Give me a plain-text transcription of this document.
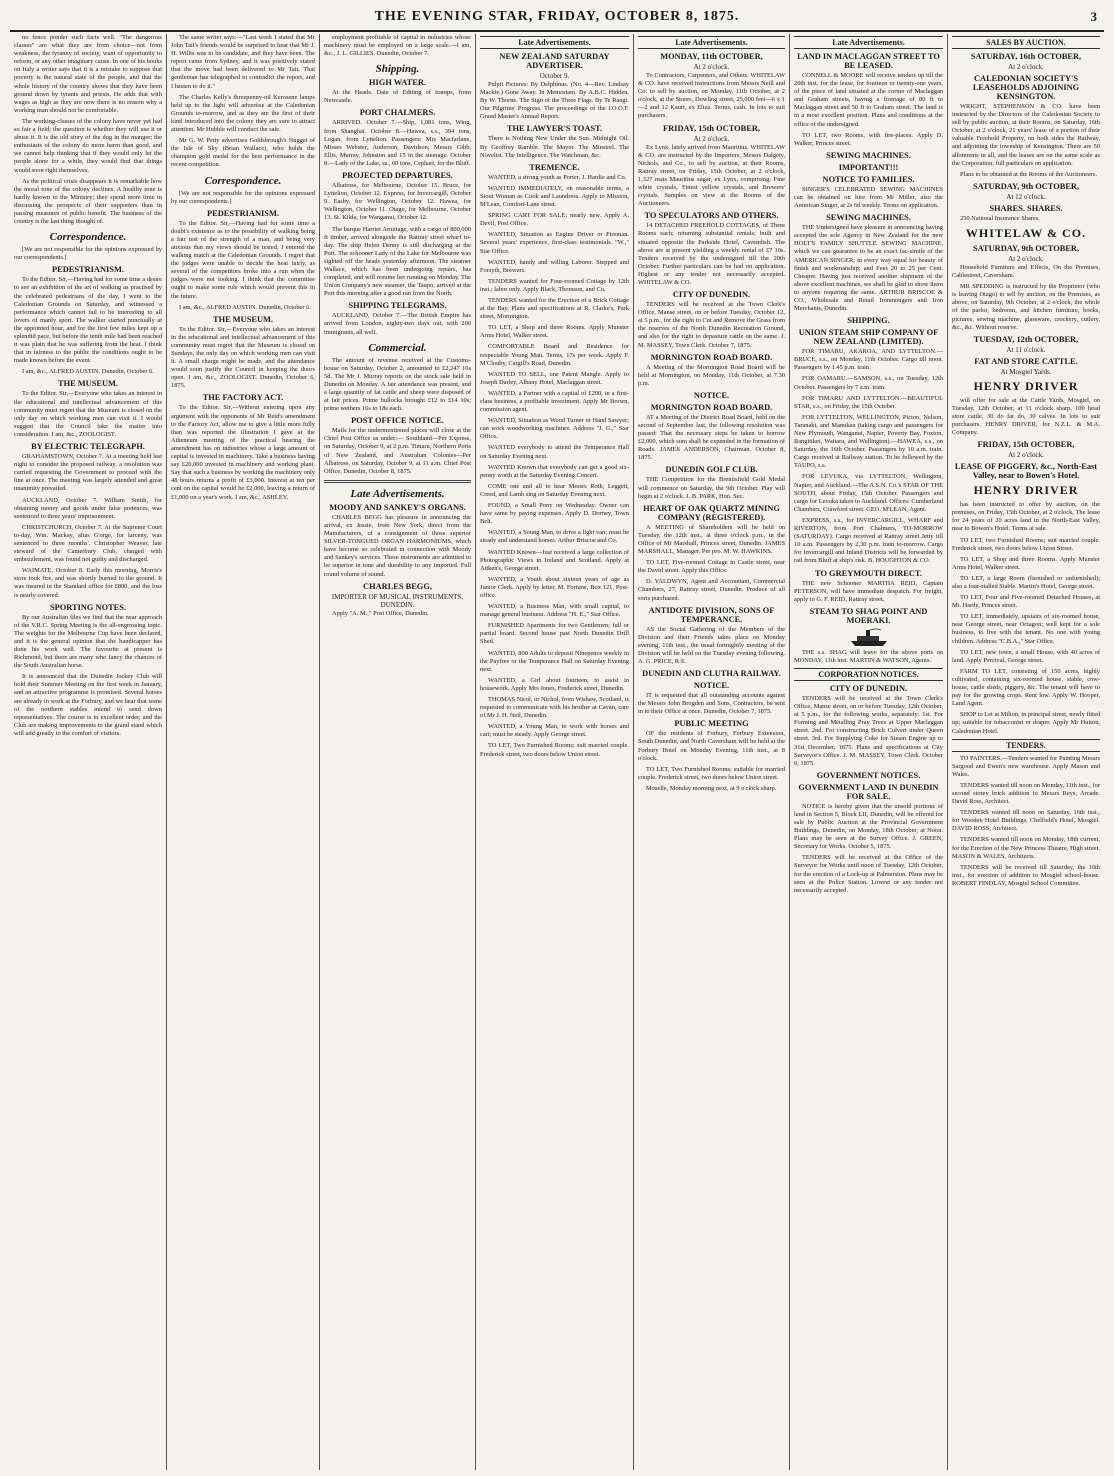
THE EVENING STAR, FRIDAY, OCTOBER 8, 1875.	3

no fence ponder such facts well. "The dangerous classes" are what they are from choice—not from weakness, the tyranny of society, want of opportunity to reform, or any other imaginary cause. In one of his books on Italy a writer says that it is a mistake to suppose that poverty is the natural state of the people, and that the whole history of the country shows that they have been ground down by tyrants and priests. He adds that with wages as high as they are now there is no reason why a working man should not be comfortable.

The working-classes of the colony have never yet had so fair a field; the question is whether they will use it or abuse it. It is the old story of the dog in the manger; the enthusiasts of the colony do more harm than good, and we cannot help thinking that if they would only let the people alone for a while, they would find that things would soon right themselves.

As the political crisis disappears it is remarkable how the moral tone of the colony declines. A healthy tone is hardly known to the Ministry; they spend more time in discussing the prospects of their supporters than in passing measures of public benefit. The business of the country is the last thing thought of.

Correspondence.

[We are not responsible for the opinions expressed by our correspondents.]

PEDESTRIANISM.

To the Editor. Sir,—Having had for some time a desire to see an exhibition of the art of walking as practised by the celebrated pedestrians of the day, I went to the Caledonian Grounds on Saturday, and witnessed a performance which cannot fail to be interesting to all lovers of manly sport. The walker started punctually at the appointed hour, and for the first few miles kept up a splendid pace, but before the tenth mile had been reached it was plain that he was suffering from the heat. I think that in fairness to the public the conditions ought to be made known before the event.

I am, &c., ALFRED AUSTIN. Dunedin, October 6.

THE MUSEUM.

To the Editor. Sir,—Everyone who takes an interest in the educational and intellectual advancement of this community must regret that the Museum is closed on the only day on which working men can visit it. I would suggest that the Council take the matter into consideration. I am, &c., ZOOLOGIST.

BY ELECTRIC TELEGRAPH.

GRAHAMSTOWN, October 7. At a meeting held last night to consider the proposed railway, a resolution was carried requesting the Government to proceed with the line at once. The meeting was largely attended and great unanimity prevailed.

AUCKLAND, October 7. William Smith, for obtaining money and goods under false pretences, was sentenced to three years' imprisonment.

CHRISTCHURCH, October 7. At the Supreme Court to-day, Wm. Mackay, alias G'orge, for larceny, was sentenced to three months'. Christopher Weaver, late steward of the Canterbury Club, charged with embezzlement, was found not guilty and discharged.

WAIMATE, October 8. Early this morning, Morris's store took fire, and was shortly burned to the ground. It was insured in the Standard office for £800, and the loss is nearly covered.

SPORTING NOTES.

By our Australian files we find that the near approach of the V.R.C. Spring Meeting is the all-engrossing topic. The weights for the Melbourne Cup have been declared, and it is the general opinion that the handicapper has done his work well. The favourite at present is Richmond, but there are many who fancy the chances of the South Australian horse.

It is announced that the Dunedin Jockey Club will hold their Summer Meeting on the first week in January, and an attractive programme is promised. Several horses are already in work at the Forbury, and we hear that some of the northern stables intend to send down representatives. The course is in excellent order, and the Club are making improvements to the grand stand which will add greatly to the comfort of visitors.

The same writer says:—"Last week I stated that Mr John Tait's friends would be surprised to hear that Mr J. H. Willis was to be candidate, and they have been. The report came from Sydney, and it was positively stated that the move had been delivered to Mr Tait. That gentleman has telegraphed to contradict the report, and I hasten to do it."

The Charles Kelly's threepenny-oil Kerosene lamps held up to the light will advertise at the Caledonian Grounds to-morrow, and as they are the first of their kind introduced into the colony they are sure to attract attention. Mr Hubble will conduct the sale.

Mr G. W. Petty advertises Goldsbrough's Nugget of the Isle of Sky (Brian Wallace), who holds the champion gold medal for the best performance in the recent competition.

Correspondence.

[We are not responsible for the opinions expressed by our correspondents.]

PEDESTRIANISM.

To the Editor. Sir,—Having had for some time a doubt's existence as to the possibility of walking being a fair test of the strength of a man, and being very anxious that my views should be tested, I entered the walking match at the Caledonian Grounds. I regret that the judges were unable to decide the heat fairly, as several of the competitors broke into a run when the judges were not looking. I think that the committee ought to make some rule which would prevent this in the future.

I am, &c., ALFRED AUSTIN. Dunedin, October 6.

THE MUSEUM.

To the Editor. Sir,—Everyone who takes an interest in the educational and intellectual advancement of this community must regret that the Museum is closed on Sundays, the only day on which working men can visit it. A small charge might be made, and the attendance would soon justify the Council in keeping the doors open. I am, &c., ZOOLOGIST. Dunedin, October 6, 1875.

THE FACTORY ACT.

To the Editor. Sir,—Without entering upon any argument with the opponents of Mr Reid's amendment to the Factory Act, allow me to give a little more fully than was reported the illustration I gave at the Atheneum meeting of the practical bearing the amendment has on industries whose a large amount of capital is invested in machinery. Take a business having say £20,000 invested in machinery and working plant. Say that such a business by working the machinery only 48 hours returns a profit of £3,000. Interest at ten per cent on the capital would be £2,000, leaving a return of £1,000 on a year's work. I am, &c., ASHLEY.

employment profitable of capital in industries whose machinery must be employed on a large scale.—I am, &c., J. L. GILLIES. Dunedin, October 7.

Shipping.
HIGH WATER.

At the Heads. Date of Editing of tramps, from Newcastle.

PORT CHALMERS.

ARRIVED. October 7.—Ship, 1,081 tons, Wing, from Shanghai. October 8.—Hawea, s.s., 394 tons, Logan, from Lyttelton. Passengers: Mrs Macfarlane, Misses Webster, Anderson, Davidson; Messrs Gibb, Ellis, Murray, Johnston and 15 in the steerage. October 8.—Lady of the Lake, ss., 60 tons, Cephart, for the Bluff.

PROJECTED DEPARTURES.

Albatross, for Melbourne, October 15. Bruce, for Lyttelton, October 12. Express, for Invercargill, October 9. Easby, for Wellington, October 12. Hawea, for Wellington, October 11. Otago, for Melbourne, October 13. St. Kilda, for Wanganui, October 12.

The barque Harriet Armitage, with a cargo of 800,000 ft timber, arrived alongside the Rattray street wharf to-day. The ship Helen Denny is still discharging at the Port. The schooner Lady of the Lake for Melbourne was sighted off the heads yesterday afternoon. The steamer Wallace, which has been undergoing repairs, has completed, and will resume her running on Monday. The Union Company's new steamer, the Taupo, arrived at the Port this morning after a good run from the North.

SHIPPING TELEGRAMS.

AUCKLAND, October 7.—The British Empire has arrived from London, eighty-two days out, with 200 immigrants, all well.

Commercial.

The amount of revenue received at the Customs-house on Saturday, October 2, amounted to £2,247 16s 5d. The Mr J. Murray reports on the stock sale held in Dunedin on Monday. A fair attendance was present, and a large quantity of fat cattle and sheep were disposed of at fair prices. Prime bullocks brought £12 to £14 10s; prime wethers 16s to 18s each.

POST OFFICE NOTICE.

Mails for the undermentioned places will close at the Chief Post Office as under:— Southland—Per Express, on Saturday, October 9, at 2 p.m. Timaru, Northern Ports of New Zealand, and Australian Colonies—Per Albatross, on Saturday, October 9, at 11 a.m. Chief Post Office, Dunedin, October 8, 1875.

Late Advertisements.
MOODY AND SANKEY'S ORGANS.

CHARLES BEGG has pleasure in announcing the arrival, ex Jessie, from New York, direct from the Manufacturers, of a consignment of those superior SILVER-TONGUED ORGAN HARMONIUMS, which have become so celebrated in connection with Moody and Sankey's services. These instruments are admitted to be superior in tone and durability to any imported. Full round volume of sound.

CHARLES BEGG,
IMPORTER OF MUSICAL INSTRUMENTS, DUNEDIN.

Apply "A. M.," Post Office, Dunedin.

Late Advertisements.
NEW ZEALAND SATURDAY ADVERTISER.
October 9.

Pulpit Pictures: By Delphinus. (No. 4—Rev. Lindsay Mackie.) Gone Away. In Memoriam. By A.B.C. Hidden. By W. Thorne. The Sign of the Three Flags. By Te Rangi. Our Pilgrims' Progress. The proceedings of the I.O.O.F. Grand Master's Annual Report.

THE LAWYER'S TOAST.

There is Nothing New Under the Sun. Midnight Oil. By Geoffrey Ramble. The Mayor. The Minstrel. The Novelist. The Intelligence. The Watchman, &c.

TREMENCE.

WANTED, a strong youth as Porter. J. Hardie and Co.

WANTED IMMEDIATELY, on reasonable terms, a Stout Woman as Cook and Laundress. Apply to Mission, M'Lean, Comfort-Lane street.

SPRING CART FOR SALE; nearly new. Apply A. Devil, Post Office.

WANTED, Situation as Engine Driver or Fireman. Several years' experience, first-class testimonials. "W.," Star Office.

WANTED, handy and willing Laborer. Stepped and Forsyth, Brewers.

TENDERS wanted for Four-roomed Cottage by 12th inst.; labor only. Apply Black, Thomson, and Co.

TENDERS wanted for the Erection of a Brick Cottage at the Bay. Plans and specifications at R. Clarke's, Park street, Mornington.

TO LET, a Shop and three Rooms. Apply Munster Arms Hotel, Walker street.

COMFORTABLE Board and Residence for respectable Young Man. Terms, 17s per week. Apply F. M'Clouby, Cargill's Road, Dunedin.

WANTED TO SELL, one Patent Mangle. Apply to Joseph Darley, Albany Hotel, Maclaggan street.

WANTED, a Partner with a capital of £200, in a first-class business, a profitable investment. Apply Mr Brown, commission agent.

WANTED, Situation as Wood Turner or Hand Sawyer; can work woodworking machines. Address "J. G.," Star Office.

WANTED everybody to attend the Temperance Hall on Saturday Evening next.

WANTED Known that everybody can get a good six-penny worth at the Saturday Evening Concert.

COME one and all to hear Messrs Roth, Leggett, Creed, and Lamb sing on Saturday Evening next.

FOUND, a Small Pony on Wednesday. Owner can have same by paying expenses. Apply D. Dorney, Town Belt.

WANTED, a Young Man, to drive a light van; must be steady and understand horses. Arthur Briscoe and Co.

WANTED Known—Just received a large collection of Photographic Views in Ireland and Scotland. Apply at Aitken's, George street.

WANTED, a Youth about sixteen years of age as Junior Clerk. Apply by letter, M. Fortune, Box 121, Post-office.

WANTED, a Business Man, with small capital, to manage general business. Address "H. E.," Star Office.

FURNISHED Apartments for two Gentlemen; full or partial board. Second house past North Dunedin Drill Shed.

WANTED, 800 Adults to deposit Ninepence weekly in the Payfree or the Temperance Hall on Saturday Evening next.

WANTED, a Girl about fourteen, to assist in housework. Apply Mrs Jones, Frederick street, Dunedin.

THOMAS Nicol, or Nichol, from Wishaw, Scotland, is requested to communicate with his brother at Cavan, care of Mr J. H. Neil, Dunedin.

WANTED, a Young Man, to work with horses and cart; must be steady. Apply George street.

TO LET, Two Furnished Rooms; suit married couple. Frederick street, two doors below Union street.

Late Advertisements.
MONDAY, 11th OCTOBER,
At 2 o'clock.

To Contractors, Carpenters, and Others. WHITELAW & CO. have received instructions from Messrs Neill and Co. to sell by auction, on Monday, 11th October, at 2 o'clock, at the Stores, Dowling street, 25,000 feet—6 x 1—2 and 12 Kauri, ex Eliza. Terms, cash. In lots to suit purchasers.

FRIDAY, 15th OCTOBER,
At 2 o'clock.

Ex Lynx, lately arrived from Mauritius. WHITELAW & CO. are instructed by the Importers, Messrs Dalgety, Nichols, and Co., to sell by auction, at their Rooms, Rattray street, on Friday, 15th October, at 2 o'clock, 1,327 mats Mauritius sugar, ex Lynx, comprising: Fine white crystals, Finest yellow crystals, and Brewers' crystals. Samples on view at the Rooms of the Auctioneers.

TO SPECULATORS AND OTHERS.

14 DETACHED FREEHOLD COTTAGES, of Three Rooms each; returning substantial rentals; built and situated opposite the Parkside Hotel, Cavendish. The above are at present yielding a weekly rental of £7 10s. Tenders received by the undersigned till the 20th October. Further particulars can be had on application. Highest or any tender not necessarily accepted. WHITELAW & CO.

CITY OF DUNEDIN.

TENDERS will be received at the Town Clerk's Office, Manse street, on or before Tuesday, October 12, at 5 p.m., for the right to Cut and Remove the Grass from the reserves of the North Dunedin Recreation Ground, and also for the right to depasture cattle on the same. J. M. MASSEY, Town Clerk. October 7, 1875.

MORNINGTON ROAD BOARD.

A Meeting of the Mornington Road Board will be held at Mornington, on Monday, 11th October, at 7.30 p.m.

NOTICE.
MORNINGTON ROAD BOARD.

AT a Meeting of the District Road Board, held on the second of September last, the following resolution was passed: That the necessary steps be taken to borrow £2,000, which sum shall be expended in the formation of Roads. JAMES ANDERSON, Chairman. October 8, 1875.

DUNEDIN GOLF CLUB.

THE Competition for the Brentisfield Gold Medal will commence on Saturday, the 9th October. Play will begin at 2 o'clock. J. B. PARK, Hon. Sec.

HEART OF OAK QUARTZ MINING COMPANY (REGISTERED).

A MEETING of Shareholders will be held on Tuesday, the 12th inst., at three o'clock p.m., in the Office of Mr Marshall, Princes street, Dunedin. JAMES MARSHALL, Manager. Per pro. M. W. HAWKINS.

TO LET, Five-roomed Cottage in Castle street, near the David street. Apply this Office.

D. YALDWYN, Agent and Accountant, Commercial Chambers, 27, Rattray street, Dunedin. Produce of all sorts purchased.

ANTIDOTE DIVISION, SONS OF TEMPERANCE.

AS the Social Gathering of the Members of the Division and their Friends takes place on Monday evening, 11th inst., the usual fortnightly meeting of the Division will be held on the Tuesday evening following. A. G. PRICE, R.S.

DUNEDIN AND CLUTHA RAILWAY.
NOTICE.

IT is requested that all outstanding accounts against the Messrs John Brogden and Sons, Contractors, be sent in to their Office at once. Dunedin, October 7, 1875.

PUBLIC MEETING

OF the residents of Forbury, Forbury Extension, South Dunedin, and North Caversham will be held at the Forbury Hotel on Monday Evening, 11th inst., at 8 o'clock.

TO LET, Two Furnished Rooms; suitable for married couple. Frederick street, two doors below Union street.

Moselle, Monday morning next, at 9 o'clock sharp.

Late Advertisements.
LAND IN MACLAGGAN STREET TO BE LEASED.

CONNELL & MOORE will receive tenders up till the 20th inst. for the lease, for fourteen or twenty-one years, of the piece of land situated at the corner of Maclaggan and Graham streets, having a frontage of 80 ft to Maclaggan street and 50 ft to Graham street. The land is in a most excellent position. Plans and conditions at the office of the undersigned.

TO LET, two Rooms, with fire-places. Apply D. Walker, Princes street.

SEWING MACHINES.
IMPORTANT!!!
NOTICE TO FAMILIES.

SINGER'S CELEBRATED SEWING MACHINES can be obtained on hire from Mr Miller, also the American Singer, at 2s 6d weekly. Terms on application.

SEWING MACHINES.

THE Undersigned have pleasure in announcing having accepted the sole Agency in New Zealand for the new HOLT'S FAMILY SHUTTLE SEWING MACHINE, which we can guarantee to be an exact fac-simile of the AMERICAN SINGER; in every way equal for beauty of finish and workmanship; and Fees 20 to 25 per Cent. Cheaper. Having just received another shipment of the above excellent machines, we shall be glad to show them to anyone requiring the same. ARTHUR BRISCOE & CO., Wholesale and Retail Ironmongers and Iron Merchants, Dunedin.

SHIPPING.
UNION STEAM SHIP COMPANY OF NEW ZEALAND (LIMITED).

FOR TIMARU, AKAROA, AND LYTTELTON.—BRUCE, s.s., on Monday, 11th October. Cargo till noon. Passengers by 1.45 p.m. train.

FOR OAMARU.—SAMSON, s.s., on Tuesday, 12th October. Passengers by 7 a.m. train.

FOR TIMARU AND LYTTELTON.—BEAUTIFUL STAR, s.s., on Friday, the 15th October.

FOR LYTTELTON, WELLINGTON, Picton, Nelson, Taranaki, and Manukau (taking cargo and passengers for New Plymouth, Wanganui, Napier, Poverty Bay, Foxton, Rangitikei, Waitara, and Wellington).—HAWEA, s.s., on Saturday, the 16th October. Passengers by 10 a.m. train. Cargo received at Railway station. To be followed by the TAUPO, s.s.

FOR LEVUKA, via LYTTELTON, Wellington, Napier, and Auckland.—The A.S.N. Co.'s STAR OF THE SOUTH, about Friday, 15th October. Passengers and cargo for Levuka taken to Auckland. Offices: Cumberland Chambers, Crawford street. GEO. M'LEAN, Agent.

EXPRESS, s.s., for INVERCARGILL, WHARF and RIVERTON, from Port Chalmers, TO-MORROW (SATURDAY). Cargo received at Rattray street Jetty till 10 a.m. Passengers by 2.30 p.m. train to-morrow. Cargo for Invercargill and Inland Districts will be forwarded by rail from Bluff at ship's risk. B. HOUGHTON & CO.

TO GREYMOUTH DIRECT.

THE new Schooner MARTHA REID, Captain PETERSON, will have immediate despatch. For freight, apply to G. F. REID, Rattray street.

STEAM TO SHAG POINT AND MOERAKI.

THE s.s. SHAG will leave for the above ports on MONDAY, 11th inst. MARTIN & WATSON, Agents.

CORPORATION NOTICES.
CITY OF DUNEDIN.

TENDERS will be received at the Town Clerk's Office, Manse street, on or before Tuesday, 12th October, at 5 p.m., for the following works, separately: 1st. For Forming and Metalling Pray Trees at Upper Maclaggan street. 2nd. For constructing Brick Culvert under Queen street. 3rd. For Supplying Coke for Steam Engine up to 31st December, 1875. Plans and specifications at City Surveyor's Office. J. M. MASSEY, Town Clerk. October 6, 1875.

GOVERNMENT NOTICES.
GOVERNMENT LAND IN DUNEDIN FOR SALE.

NOTICE is hereby given that the unsold portions of land in Section 5, Block LII, Dunedin, will be offered for sale by Public Auction at the Provincial Government Buildings, Dunedin, on Monday, 18th October, at Noon. Plans may be seen at the Survey Office. J. GREEN, Secretary for Works. October 5, 1875.

TENDERS will be received at the Office of the Surveyor for Works until noon of Tuesday, 12th October, for the erection of a Lock-up at Palmerston. Plans may be seen at the Police Station. Lowest or any tender not necessarily accepted.

SALES BY AUCTION.
SATURDAY, 16th OCTOBER,
At 2 o'clock.
CALEDONIAN SOCIETY'S LEASEHOLDS ADJOINING KENSINGTON.

WRIGHT, STEPHENSON & CO. have been instructed by the Directors of the Caledonian Society to sell by public auction, at their Rooms, on Saturday, 16th October, at 2 o'clock, 21 years' lease of a portion of their valuable Freehold Property, on both sides the Railway, and adjoining the township of Kensington. There are 50 allotments in all, and the leases are on the same scale as the Corporation; full particulars on application.

Plans to be obtained at the Rooms of the Auctioneers.

SATURDAY, 9th OCTOBER,
At 12 o'clock.
SHARES. SHARES.

250 National Insurance Shares.

WHITELAW & CO.
SATURDAY, 9th OCTOBER,
At 2 o'clock.

Household Furniture and Effects, On the Premises, Cablestreet, Caversham.

MR SPEDDING is instructed by the Proprietor (who is leaving Otago) to sell by auction, on the Premises, as above, on Saturday, 9th October, at 2 o'clock, the whole of the parlor, bedroom, and kitchen furniture, books, pictures, sewing machine, glassware, crockery, cutlery, &c., &c. Without reserve.

TUESDAY, 12th OCTOBER,
At 11 o'clock.
FAT AND STORE CATTLE.
At Mosgiel Yards.
HENRY DRIVER

will offer for sale at the Cattle Yards, Mosgiel, on Tuesday, 12th October, at 11 o'clock sharp, 100 head store cattle, 30 do fat do, 30 calves. In lots to suit purchasers. HENRY DRIVER, for N.Z.L. & M.A. Company.

FRIDAY, 15th OCTOBER,
At 2 o'clock.
LEASE OF PIGGERY, &c., North-East Valley, near to Bowen's Hotel.
HENRY DRIVER

has been instructed to offer by auction, on the premises, on Friday, 15th October, at 2 o'clock, The lease for 24 years of 20 acres land in the North-East Valley, near to Bowen's Hotel. Terms at sale.

TO LET, two Furnished Rooms; suit married couple. Frederick street, two doors below Union Street.

TO LET, a Shop and three Rooms. Apply Munster Arms Hotel, Walker street.

TO LET, a large Room (furnished or unfurnished); also a four-stalled Stable. Martin's Hotel, George street.

TO LET, Four and Five-roomed Detached Houses, at Mt. Hardy, Princes street.

TO LET, immediately, upstairs of six-roomed house, near George street, near Octagon; well kept for a sole business, to live with the tenant. No one with young children. Address "C.B.A.," Star Office.

TO LET, new town, a small House, with 40 acres of land. Apply Percival, George street.

FARM TO LET, consisting of 150 acres, highly cultivated, containing six-roomed house, stable, cow-house, cattle sheds, piggery, &c. The tenant will have to pay for the growing crops. Rent low. Apply W. Hooper, Land Agent.

SHOP to Let at Milton, in principal street, newly fitted up; suitable for tobacconist or draper. Apply Mr Hutton, Caledonian Hotel.

TENDERS.

TO PAINTERS.—Tenders wanted for Painting Messrs Sargood and Ewen's new warehouse. Apply Mason and Wales.

TENDERS wanted till noon on Monday, 11th inst., for second storey brick addition to Messrs Reys, Arcade. David Ross, Architect.

TENDERS wanted till noon on Saturday, 16th inst., for Wooden Hotel Buildings, Chelfield's Hotel, Mosgiel. DAVID ROSS, Architect.

TENDERS wanted till noon on Monday, 18th current, for the Erection of the New Princess Theatre, High street. MASON & WALES, Architects.

TENDERS will be received till Saturday, the 16th inst., for erection of addition to Mosgiel school-house. ROBERT FINDLAY, Mosgiel School Committee.
